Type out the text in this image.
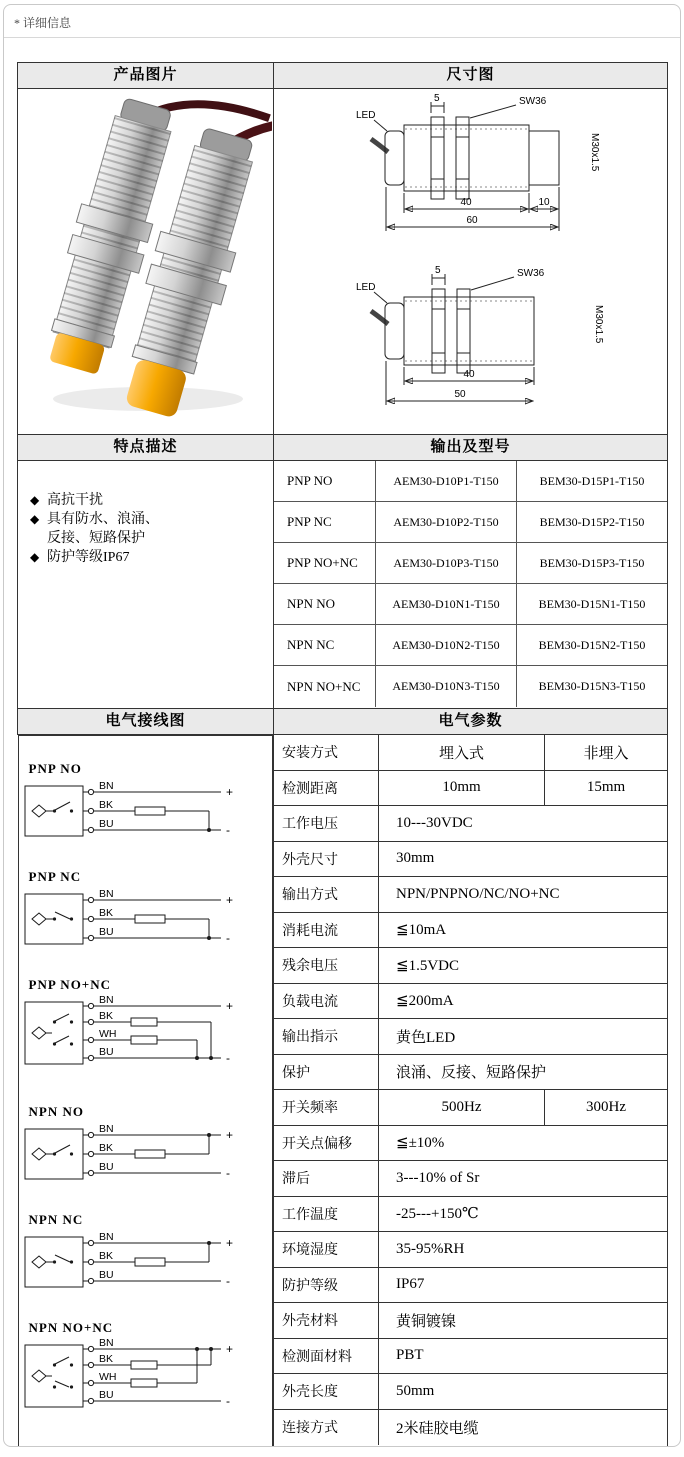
* 详细信息
产品图片	尺寸图

LED
5	SW36
M30x1.5
40	10
60
LED
5	SW36
M30x1.5
40
50

特点描述	输出及型号

◆ 高抗干扰
◆ 具有防水、浪涌、
反接、短路保护
◆ 防护等级IP67

PNP NO	AEM30-D10P1-T150	BEM30-D15P1-T150
PNP NC	AEM30-D10P2-T150	BEM30-D15P2-T150
PNP NO+NC	AEM30-D10P3-T150	BEM30-D15P3-T150
NPN NO	AEM30-D10N1-T150	BEM30-D15N1-T150
NPN NC	AEM30-D10N2-T150	BEM30-D15N2-T150
NPN NO+NC	AEM30-D10N3-T150	BEM30-D15N3-T150

电气接线图	电气参数

PNP NO
BN
BK
BU
+
-
PNP NC
BN
BK
BU
+
-
PNP NO+NC
BN
BK
WH
BU
+
-
NPN NO
BN
BK
BU
+
-
NPN NC
BN
BK
BU
+
-
NPN NO+NC
BN
BK
WH
BU
+
-
安装方式	埋入式	非埋入
检测距离	10mm	15mm
工作电压	10---30VDC
外壳尺寸	30mm
输出方式	NPN/PNPNO/NC/NO+NC
消耗电流	≦10mA
残余电压	≦1.5VDC
负载电流	≦200mA
输出指示	黄色LED
保护	浪涌、反接、短路保护
开关频率	500Hz	300Hz
开关点偏移	≦±10%
滞后	3---10% of Sr
工作温度	-25---+150℃
环境湿度	35-95%RH
防护等级	IP67
外壳材料	黄铜镀镍
检测面材料	PBT
外壳长度	50mm
连接方式	2米硅胶电缆
